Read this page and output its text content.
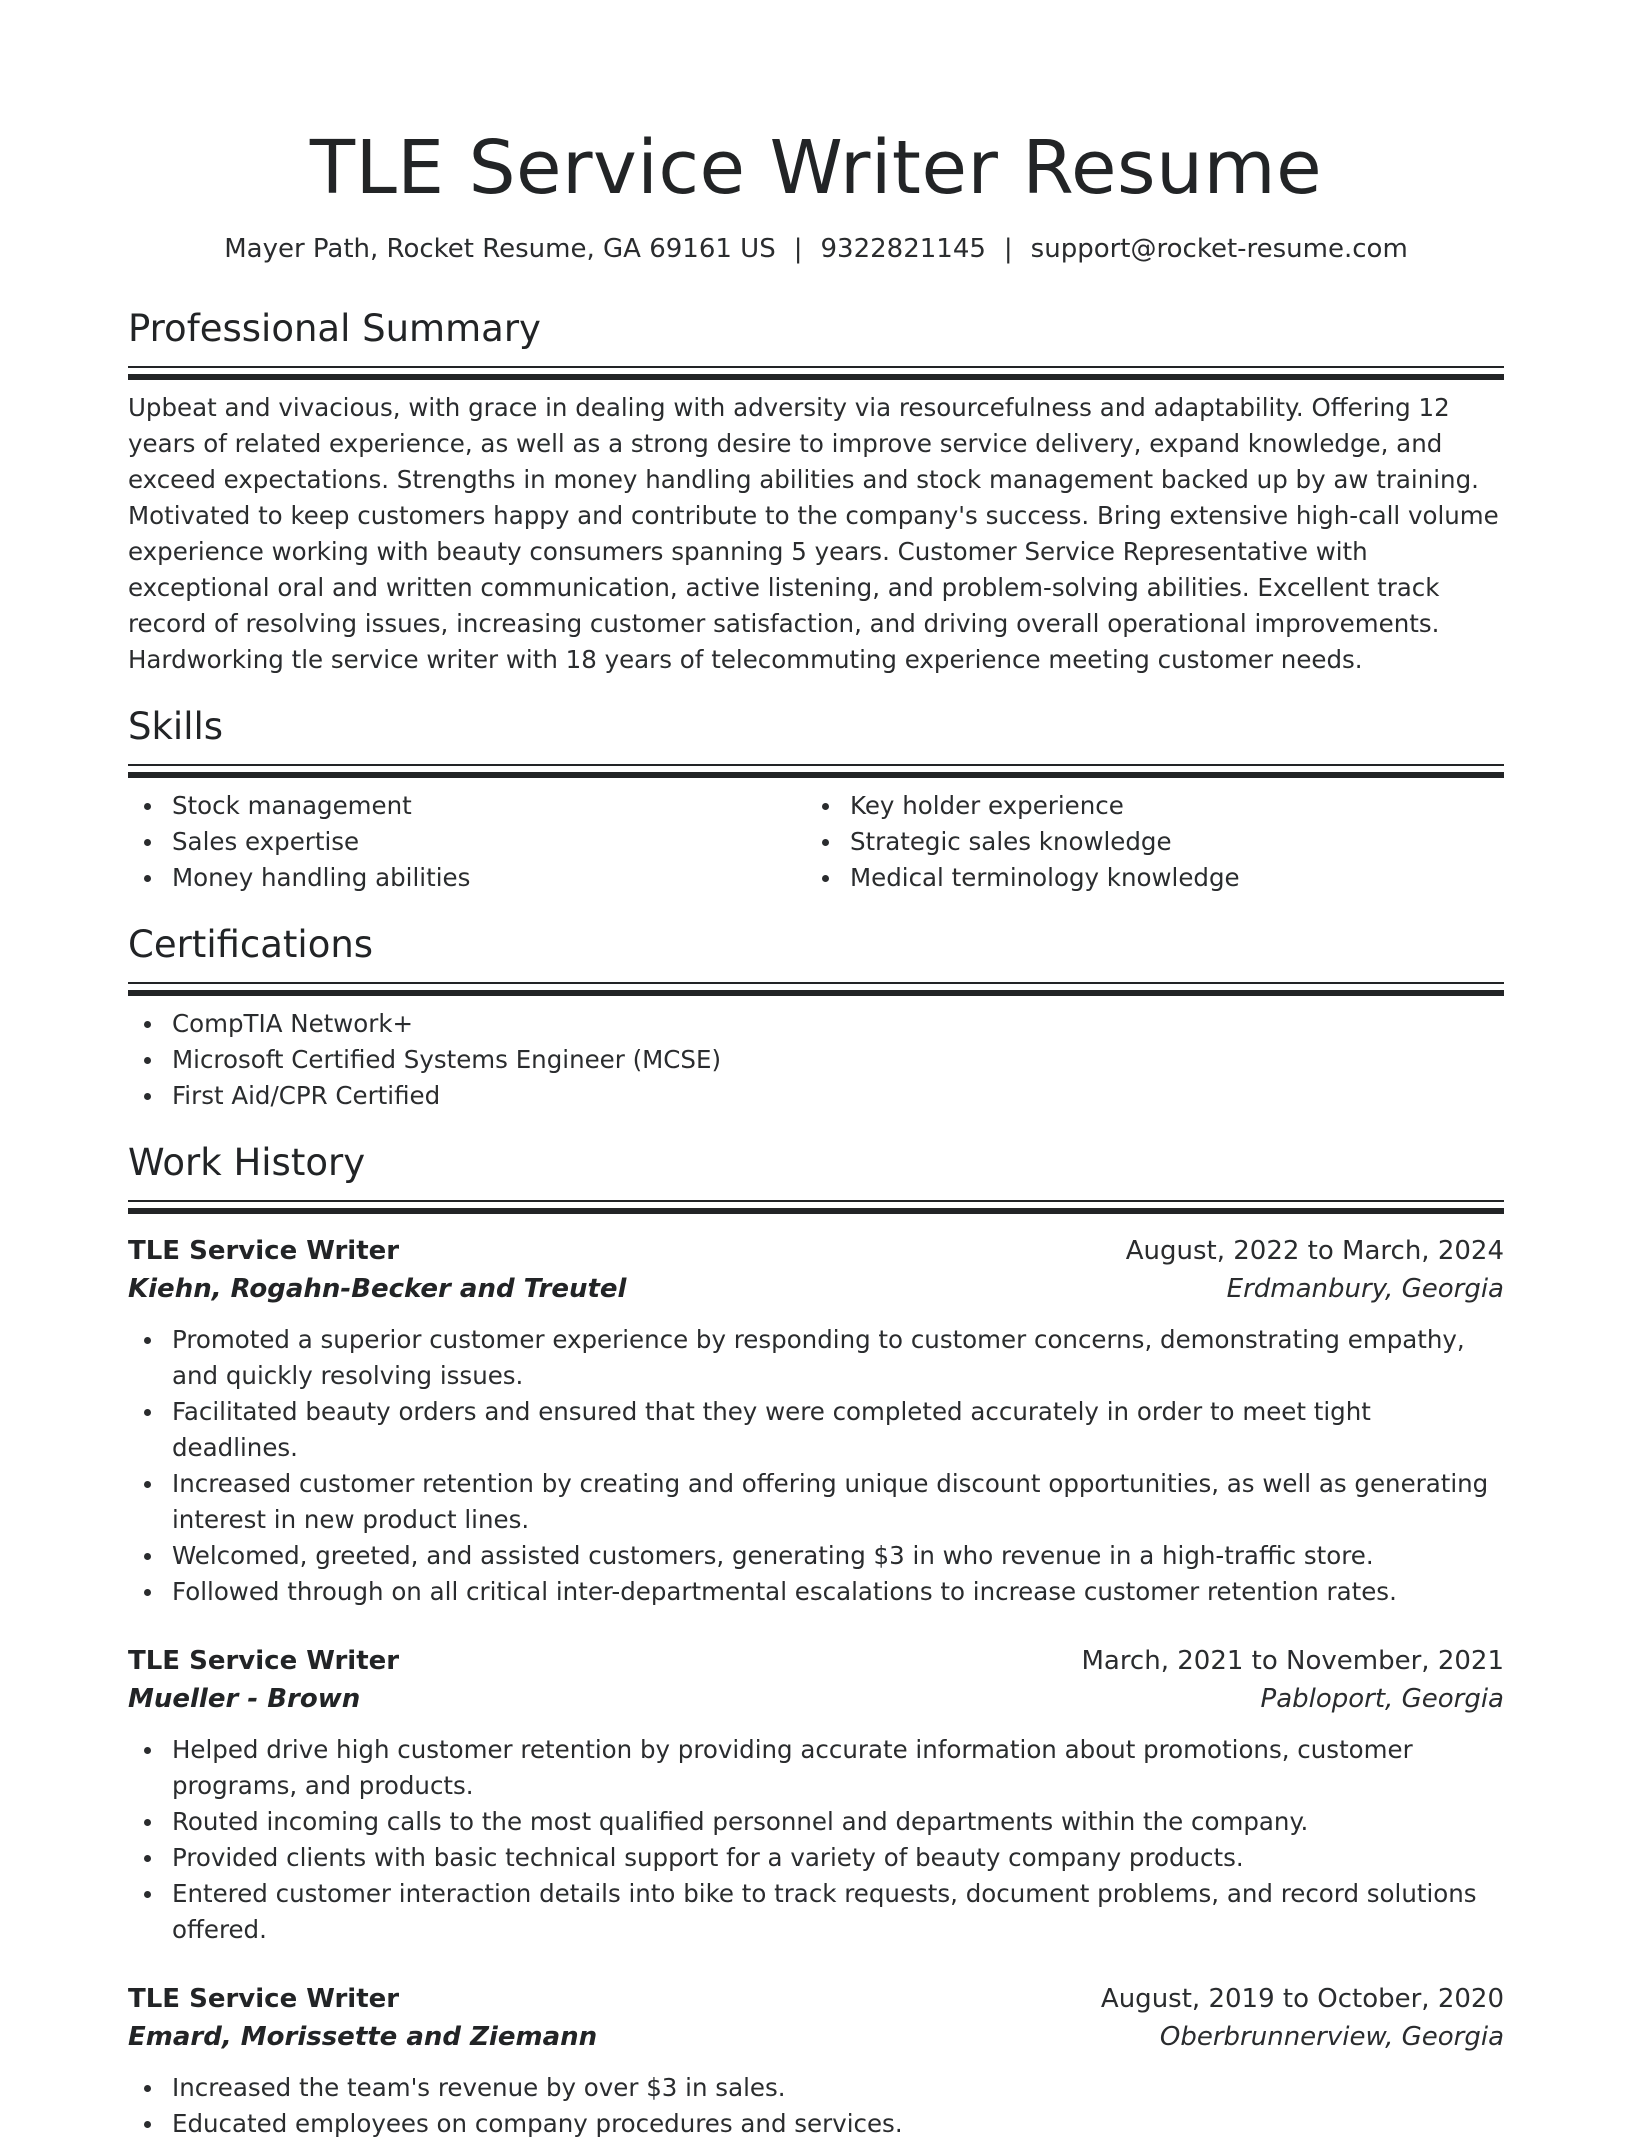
TLE Service Writer Resume
Mayer Path, Rocket Resume, GA 69161 US | 9322821145 | support@rocket-resume.com
Professional Summary

Upbeat and vivacious, with grace in dealing with adversity via resourcefulness and adaptability. Offering 12 years of related experience, as well as a strong desire to improve service delivery, expand knowledge, and exceed expectations. Strengths in money handling abilities and stock management backed up by aw training. Motivated to keep customers happy and contribute to the company's success. Bring extensive high-call volume experience working with beauty consumers spanning 5 years. Customer Service Representative with exceptional oral and written communication, active listening, and problem-solving abilities. Excellent track record of resolving issues, increasing customer satisfaction, and driving overall operational improvements. Hardworking tle service writer with 18 years of telecommuting experience meeting customer needs.

Skills
Stock management
Sales expertise
Money handling abilities
Key holder experience
Strategic sales knowledge
Medical terminology knowledge
Certifications
CompTIA Network+
Microsoft Certified Systems Engineer (MCSE)
First Aid/CPR Certified
Work History
TLE Service Writer	August, 2022 to March, 2024
Kiehn, Rogahn-Becker and Treutel	Erdmanbury, Georgia
Promoted a superior customer experience by responding to customer concerns, demonstrating empathy, and quickly resolving issues.
Facilitated beauty orders and ensured that they were completed accurately in order to meet tight deadlines.
Increased customer retention by creating and offering unique discount opportunities, as well as generating interest in new product lines.
Welcomed, greeted, and assisted customers, generating $3 in who revenue in a high-traffic store.
Followed through on all critical inter-departmental escalations to increase customer retention rates.
TLE Service Writer	March, 2021 to November, 2021
Mueller - Brown	Pabloport, Georgia
Helped drive high customer retention by providing accurate information about promotions, customer programs, and products.
Routed incoming calls to the most qualified personnel and departments within the company.
Provided clients with basic technical support for a variety of beauty company products.
Entered customer interaction details into bike to track requests, document problems, and record solutions offered.
TLE Service Writer	August, 2019 to October, 2020
Emard, Morissette and Ziemann	Oberbrunnerview, Georgia
Increased the team's revenue by over $3 in sales.
Educated employees on company procedures and services.
